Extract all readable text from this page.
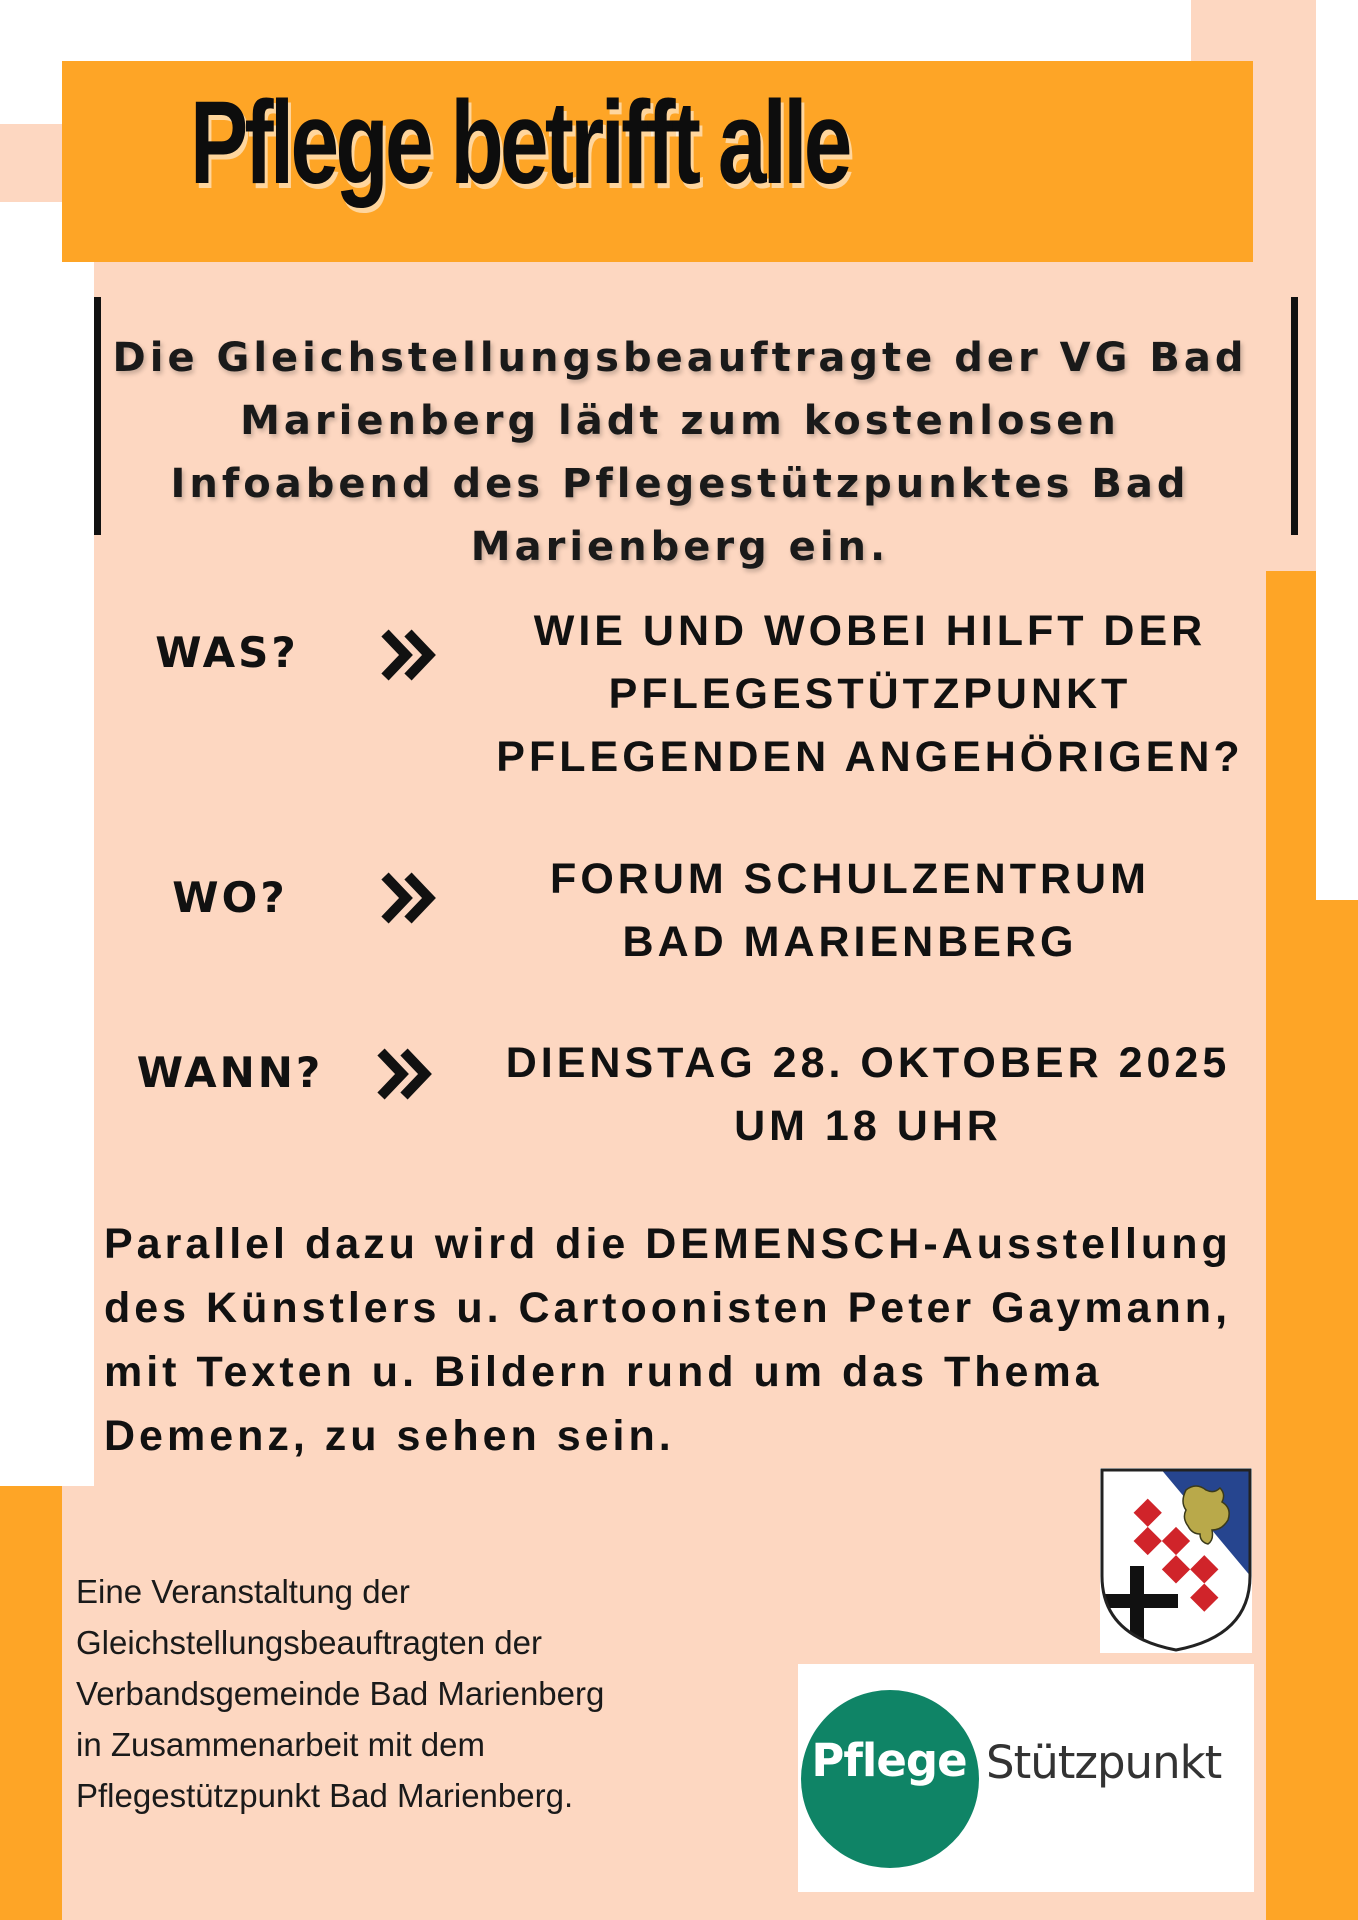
Pflege betrifft alle

Die Gleichstellungsbeauftragte der VG Bad Marienberg lädt zum kostenlosen Infoabend des Pflegestützpunktes Bad Marienberg ein.

WAS?	WIE UND WOBEI HILFT DER
PFLEGESTÜTZPUNKT
PFLEGENDEN ANGEHÖRIGEN?
WO?	FORUM SCHULZENTRUM
BAD MARIENBERG
WANN?	DIENSTAG 28. OKTOBER 2025
UM 18 UHR

Parallel dazu wird die DEMENSCH-Ausstellung des Künstlers u. Cartoonisten Peter Gaymann, mit Texten u. Bildern rund um das Thema Demenz, zu sehen sein.

Eine Veranstaltung der
Gleichstellungsbeauftragten der
Verbandsgemeinde Bad Marienberg
in Zusammenarbeit mit dem
Pflegestützpunkt Bad Marienberg.
Pflege Stützpunkt
